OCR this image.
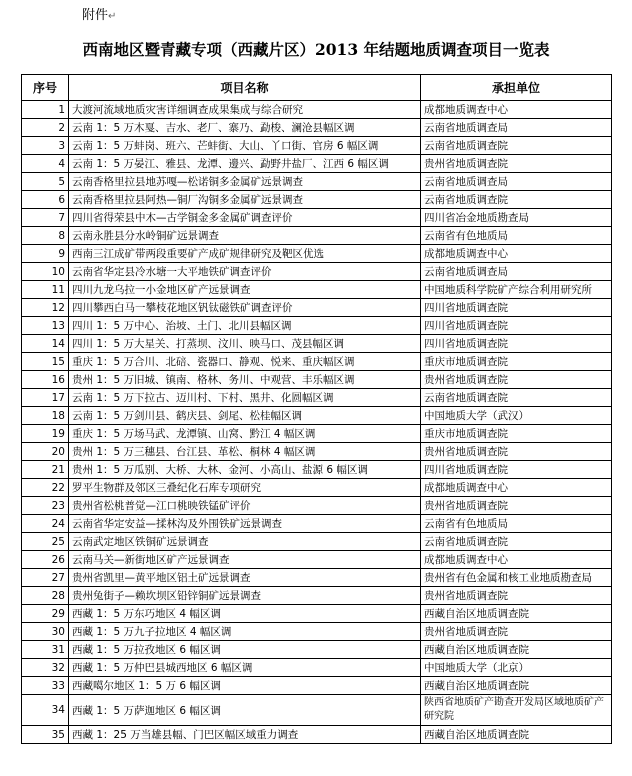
附件↵
西南地区暨青藏专项（西藏片区）2013 年结题地质调查项目一览表
序号	项目名称	承担单位
1	大渡河流域地质灾害详细调查成果集成与综合研究	成都地质调查中心
2	云南 1：5 万木戛、吉水、老厂、寨乃、勐梭、澜沧县幅区调	云南省地质调查局
3	云南 1：5 万蚌岗、班六、芒蚌街、大山、丫口街、官房 6 幅区调	云南省地质调查院
4	云南 1：5 万晏江、雅县、龙潭、邊兴、勐野井盐厂、江西 6 幅区调	贵州省地质调查院
5	云南香格里拉县地苏嘎—松诺铜多金属矿远景调查	云南省地质调查局
6	云南香格里拉县阿热—铜厂沟铜多金属矿远景调查	云南省地质调查院
7	四川省得荣县中木—古学铜金多金属矿调查评价	四川省冶金地质勘查局
8	云南永胜县分水岭铜矿远景调查	云南省有色地质局
9	西南三江成矿带两段重要矿产成矿规律研究及靶区优选	成都地质调查中心
10	云南省华定县冷水塘一大平地铁矿调查评价	云南省地质调查局
11	四川九龙乌拉一小金地区矿产远景调查	中国地质科学院矿产综合利用研究所
12	四川攀西白马一攀枝花地区钒钛磁铁矿调查评价	四川省地质调查院
13	四川 1：5 万中心、治坡、土门、北川县幅区调	四川省地质调查院
14	四川 1：5 万大星关、打蒸坝、汶川、映马口、茂县幅区调	四川省地质调查院
15	重庆 1：5 万合川、北碚、瓷器口、静观、悦来、重庆幅区调	重庆市地质调查院
16	贵州 1：5 万旧城、镇南、格林、务川、中观营、丰乐幅区调	贵州省地质调查院
17	云南 1：5 万下拉古、迈川村、下村、黑井、化圆幅区调	云南省地质调查院
18	云南 1：5 万剑川县、鹤庆县、剑尾、松桂幅区调	中国地质大学（武汉）
19	重庆 1：5 万场马武、龙潭镇、山窝、黔江 4 幅区调	重庆市地质调查院
20	贵州 1：5 万三穗县、台江县、革松、桐林 4 幅区调	贵州省地质调查院
21	贵州 1：5 万瓜别、大桥、大林、金河、小高山、盐源 6 幅区调	四川省地质调查院
22	罗平生物群及邻区三叠纪化石库专项研究	成都地质调查中心
23	贵州省松桃普觉—江口桃映铁锰矿评价	贵州省地质调查院
24	云南省华定安益—揉林沟及外围铁矿远景调查	云南省有色地质局
25	云南武定地区铁铜矿远景调查	云南省地质调查院
26	云南马关—新街地区矿产远景调查	成都地质调查中心
27	贵州省凯里—黄平地区铝土矿远景调查	贵州省有色金属和核工业地质勘查局
28	贵州兔街子—赖坎坝区铅锌铜矿远景调查	贵州省地质调查院
29	西藏 1：5 万东巧地区 4 幅区调	西藏自治区地质调查院
30	西藏 1：5 万九子拉地区 4 幅区调	贵州省地质调查院
31	西藏 1：5 万拉孜地区 6 幅区调	西藏自治区地质调查院
32	西藏 1：5 万仲巴县城西地区 6 幅区调	中国地质大学（北京）
33	西藏噶尔地区 1：5 万 6 幅区调	西藏自治区地质调查院
34	西藏 1：5 万萨迦地区 6 幅区调	陕西省地质矿产勘查开发局区域地质矿产研究院
35	西藏 1：25 万当雄县幅、门巴区幅区域重力调查	西藏自治区地质调查院
